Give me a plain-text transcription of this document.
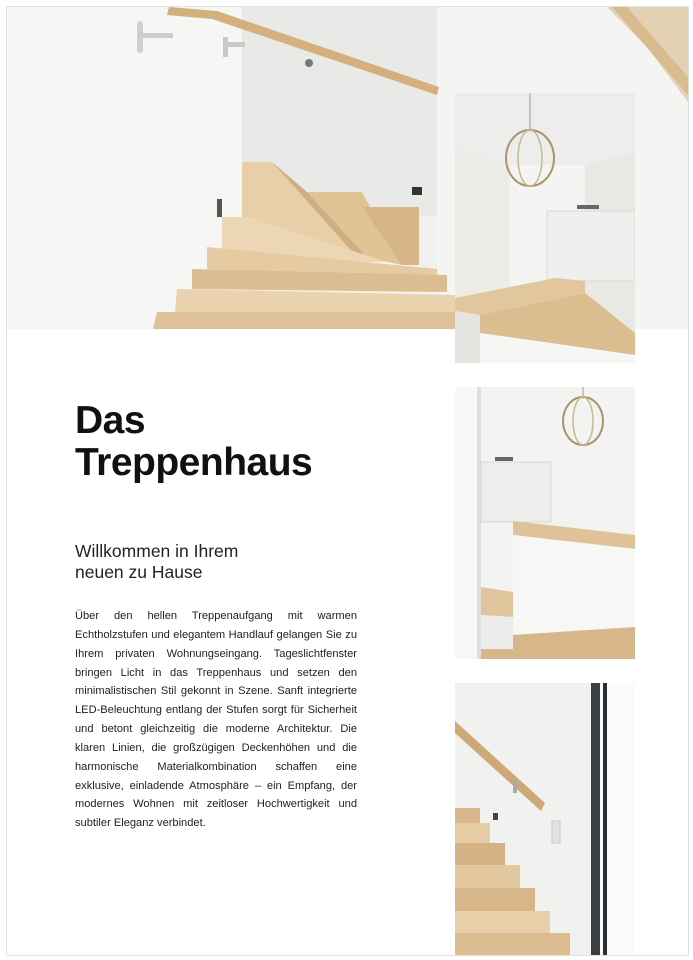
Das
Treppenhaus
Willkommen in Ihrem
neuen zu Hause

Über den hellen Treppenaufgang mit warmen Echtholzstufen und elegantem Handlauf gelangen Sie zu Ihrem privaten Wohnungseingang. Tageslichtfenster bringen Licht in das Treppenhaus und setzen den minimalistischen Stil gekonnt in Szene. Sanft integrierte LED-Beleuchtung entlang der Stufen sorgt für Sicherheit und betont gleichzeitig die moderne Architektur. Die klaren Linien, die großzügigen Deckenhöhen und die harmonische Materialkombination schaffen eine exklusive, einladende Atmosphäre – ein Empfang, der modernes Wohnen mit zeitloser Hochwertigkeit und subtiler Eleganz verbindet.
